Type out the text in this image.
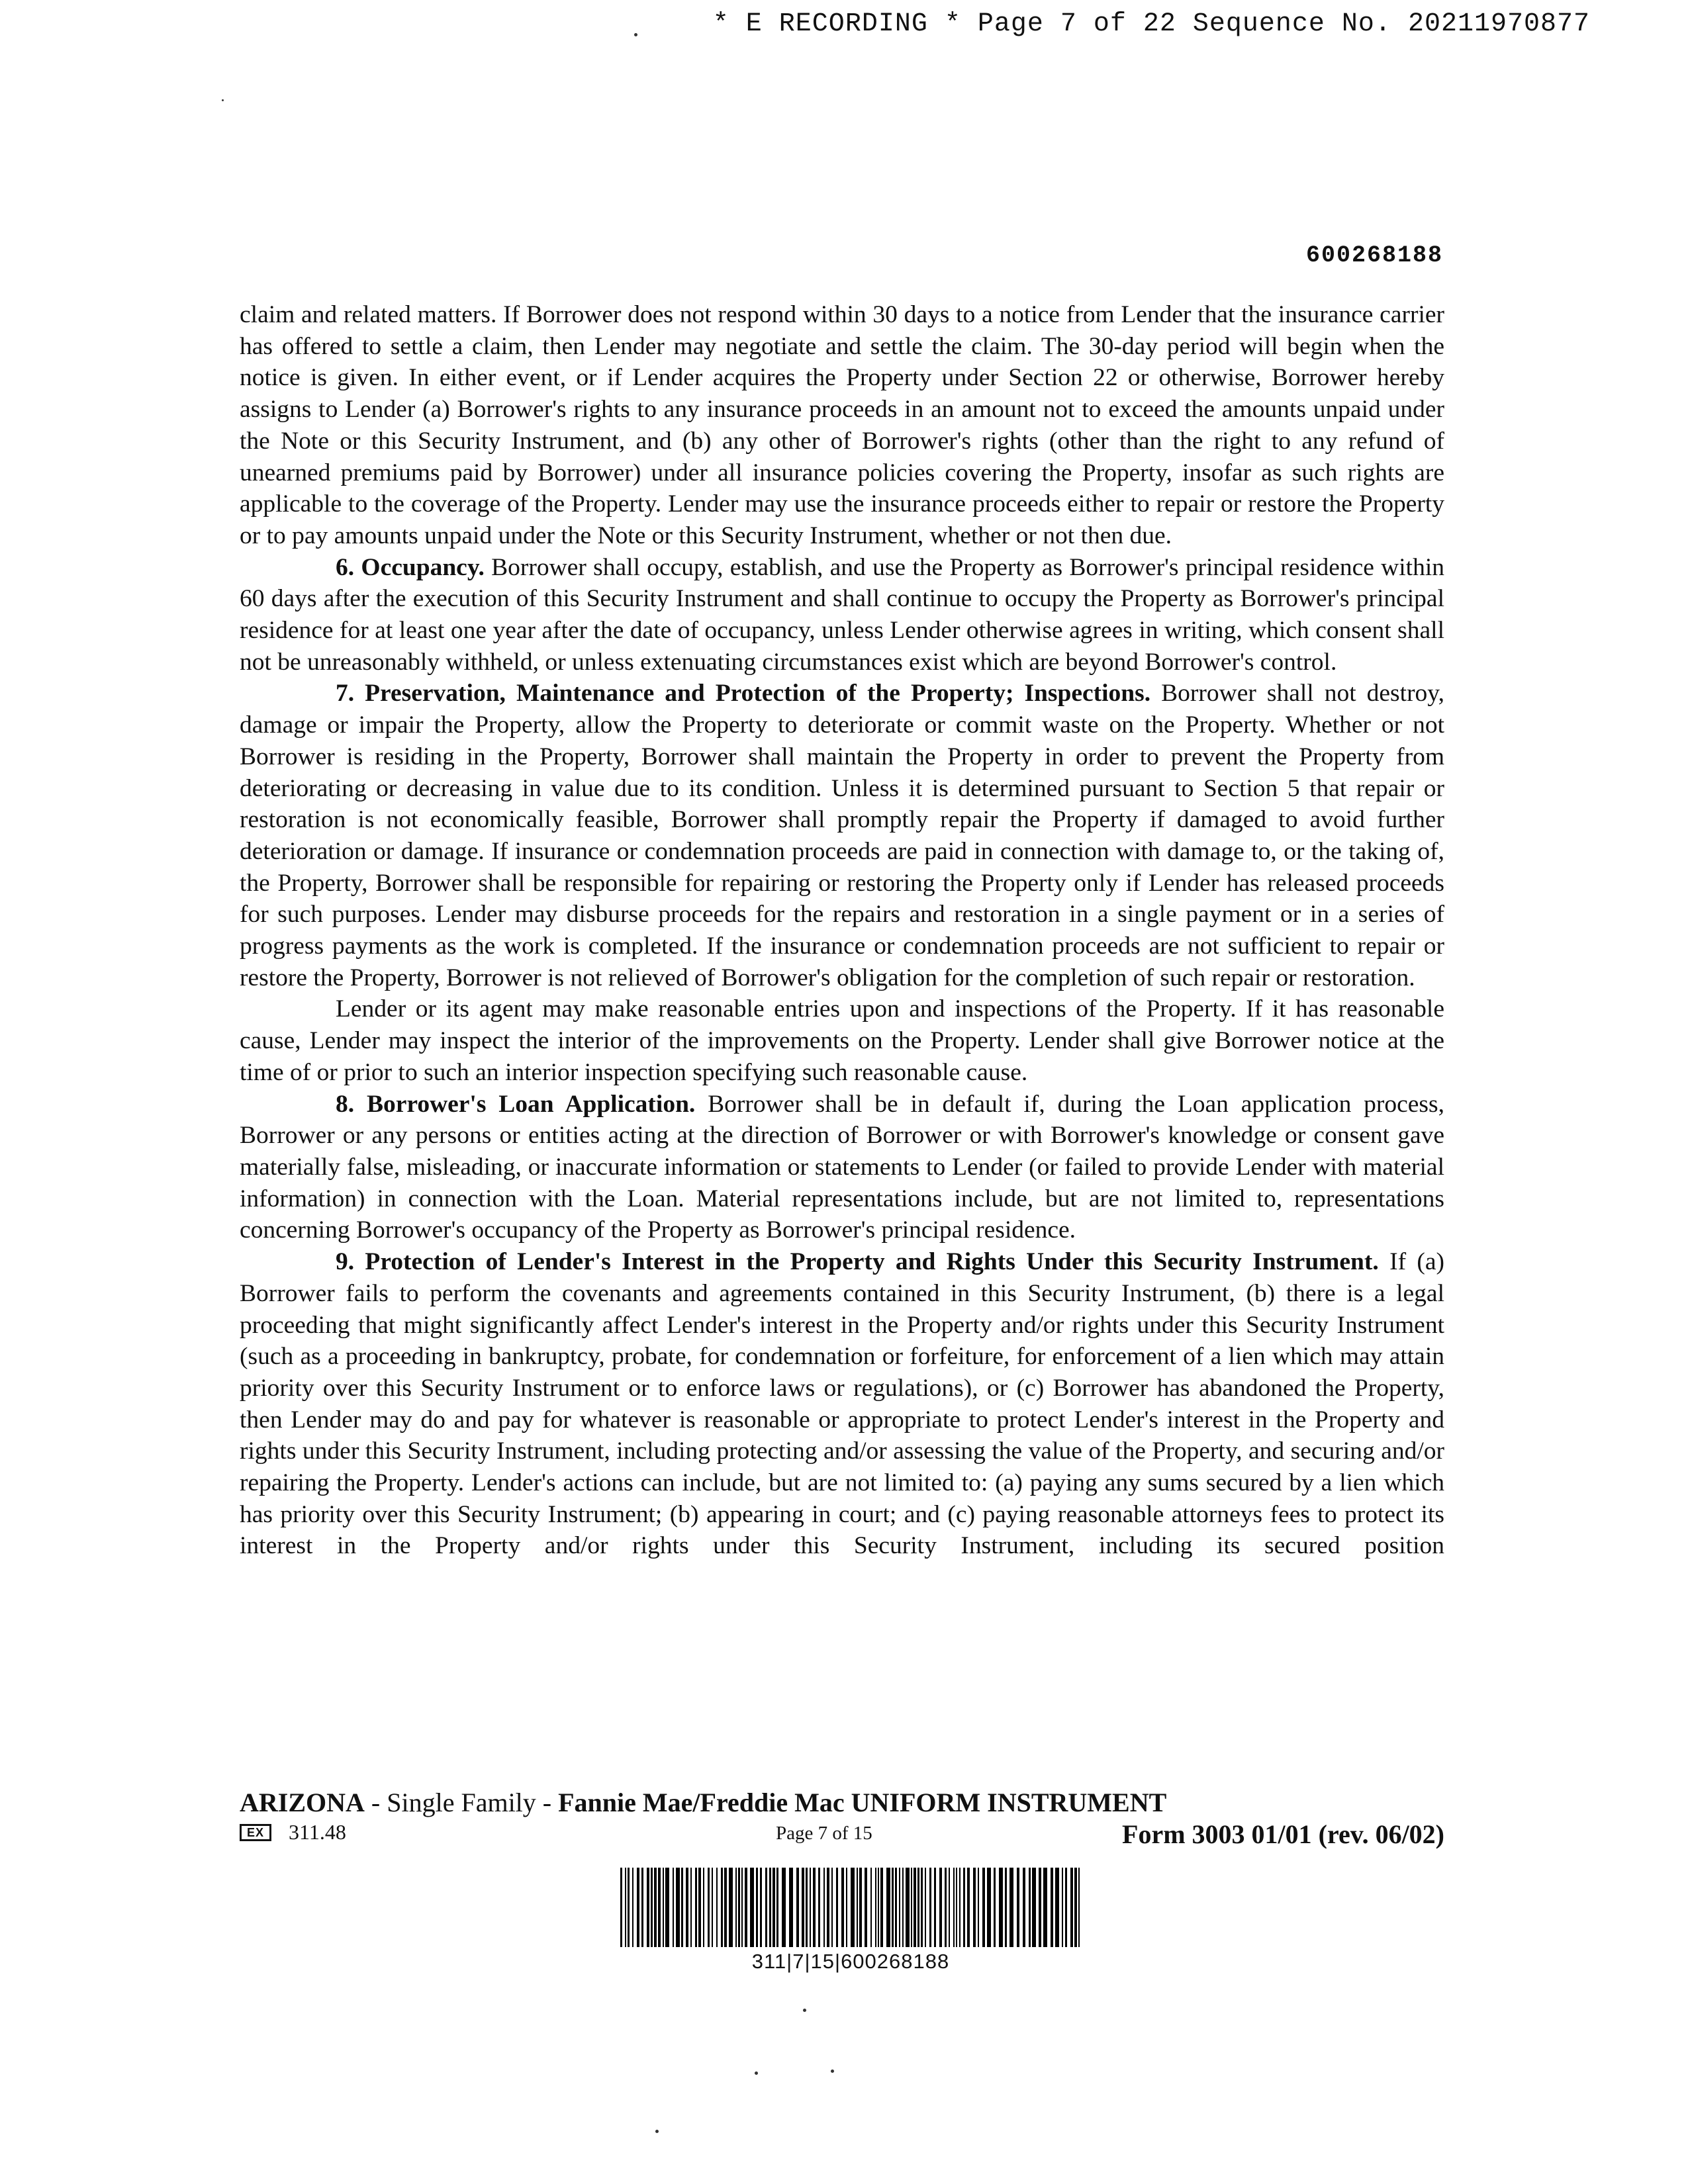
* E RECORDING * Page 7 of 22 Sequence No. 20211970877
600268188

claim and related matters. If Borrower does not respond within 30 days to a notice from Lender that the insurance carrier has offered to settle a claim, then Lender may negotiate and settle the claim. The 30-day period will begin when the notice is given. In either event, or if Lender acquires the Property under Section 22 or otherwise, Borrower hereby assigns to Lender (a) Borrower's rights to any insurance proceeds in an amount not to exceed the amounts unpaid under the Note or this Security Instrument, and (b) any other of Borrower's rights (other than the right to any refund of unearned premiums paid by Borrower) under all insurance policies covering the Property, insofar as such rights are applicable to the coverage of the Property. Lender may use the insurance proceeds either to repair or restore the Property or to pay amounts unpaid under the Note or this Security Instrument, whether or not then due.

6. Occupancy. Borrower shall occupy, establish, and use the Property as Borrower's principal residence within 60 days after the execution of this Security Instrument and shall continue to occupy the Property as Borrower's principal residence for at least one year after the date of occupancy, unless Lender otherwise agrees in writing, which consent shall not be unreasonably withheld, or unless extenuating circumstances exist which are beyond Borrower's control.

7. Preservation, Maintenance and Protection of the Property; Inspections. Borrower shall not destroy, damage or impair the Property, allow the Property to deteriorate or commit waste on the Property. Whether or not Borrower is residing in the Property, Borrower shall maintain the Property in order to prevent the Property from deteriorating or decreasing in value due to its condition. Unless it is determined pursuant to Section 5 that repair or restoration is not economically feasible, Borrower shall promptly repair the Property if damaged to avoid further deterioration or damage. If insurance or condemnation proceeds are paid in connection with damage to, or the taking of, the Property, Borrower shall be responsible for repairing or restoring the Property only if Lender has released proceeds for such purposes. Lender may disburse proceeds for the repairs and restoration in a single payment or in a series of progress payments as the work is completed. If the insurance or condemnation proceeds are not sufficient to repair or restore the Property, Borrower is not relieved of Borrower's obligation for the completion of such repair or restoration.

Lender or its agent may make reasonable entries upon and inspections of the Property. If it has reasonable cause, Lender may inspect the interior of the improvements on the Property. Lender shall give Borrower notice at the time of or prior to such an interior inspection specifying such reasonable cause.

8. Borrower's Loan Application. Borrower shall be in default if, during the Loan application process, Borrower or any persons or entities acting at the direction of Borrower or with Borrower's knowledge or consent gave materially false, misleading, or inaccurate information or statements to Lender (or failed to provide Lender with material information) in connection with the Loan. Material representations include, but are not limited to, representations concerning Borrower's occupancy of the Property as Borrower's principal residence.

9. Protection of Lender's Interest in the Property and Rights Under this Security Instrument. If (a) Borrower fails to perform the covenants and agreements contained in this Security Instrument, (b) there is a legal proceeding that might significantly affect Lender's interest in the Property and/or rights under this Security Instrument (such as a proceeding in bankruptcy, probate, for condemnation or forfeiture, for enforcement of a lien which may attain priority over this Security Instrument or to enforce laws or regulations), or (c) Borrower has abandoned the Property, then Lender may do and pay for whatever is reasonable or appropriate to protect Lender's interest in the Property and rights under this Security Instrument, including protecting and/or assessing the value of the Property, and securing and/or repairing the Property. Lender's actions can include, but are not limited to: (a) paying any sums secured by a lien which has priority over this Security Instrument; (b) appearing in court; and (c) paying reasonable attorneys fees to protect its interest in the Property and/or rights under this Security Instrument, including its secured position

ARIZONA - Single Family - Fannie Mae/Freddie Mac UNIFORM INSTRUMENT
EX	311.48	Page 7 of 15	Form 3003 01/01 (rev. 06/02)
311|7|15|600268188
